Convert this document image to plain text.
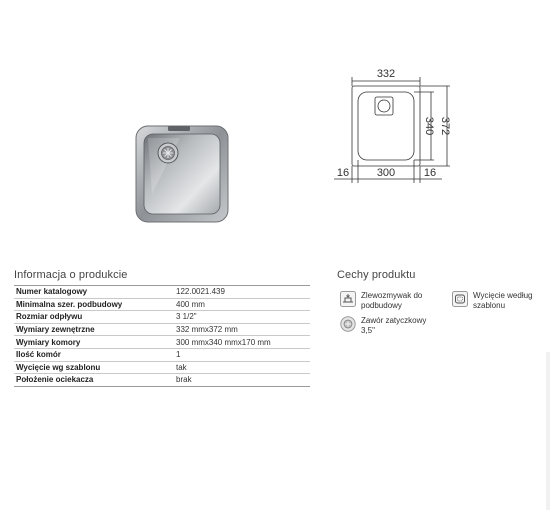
332
340 372
16	300	16
Informacja o produkcie
Numer katalogowy	122.0021.439
Minimalna szer. podbudowy	400 mm
Rozmiar odpływu	3 1/2"
Wymiary zewnętrzne	332 mmx372 mm
Wymiary komory	300 mmx340 mmx170 mm
Ilość komór	1
Wycięcie wg szablonu	tak
Położenie ociekacza	brak
Cechy produktu
Zlewozmywak do podbudowy
Zawór zatyczkowy 3,5"
Wycięcie według szablonu
